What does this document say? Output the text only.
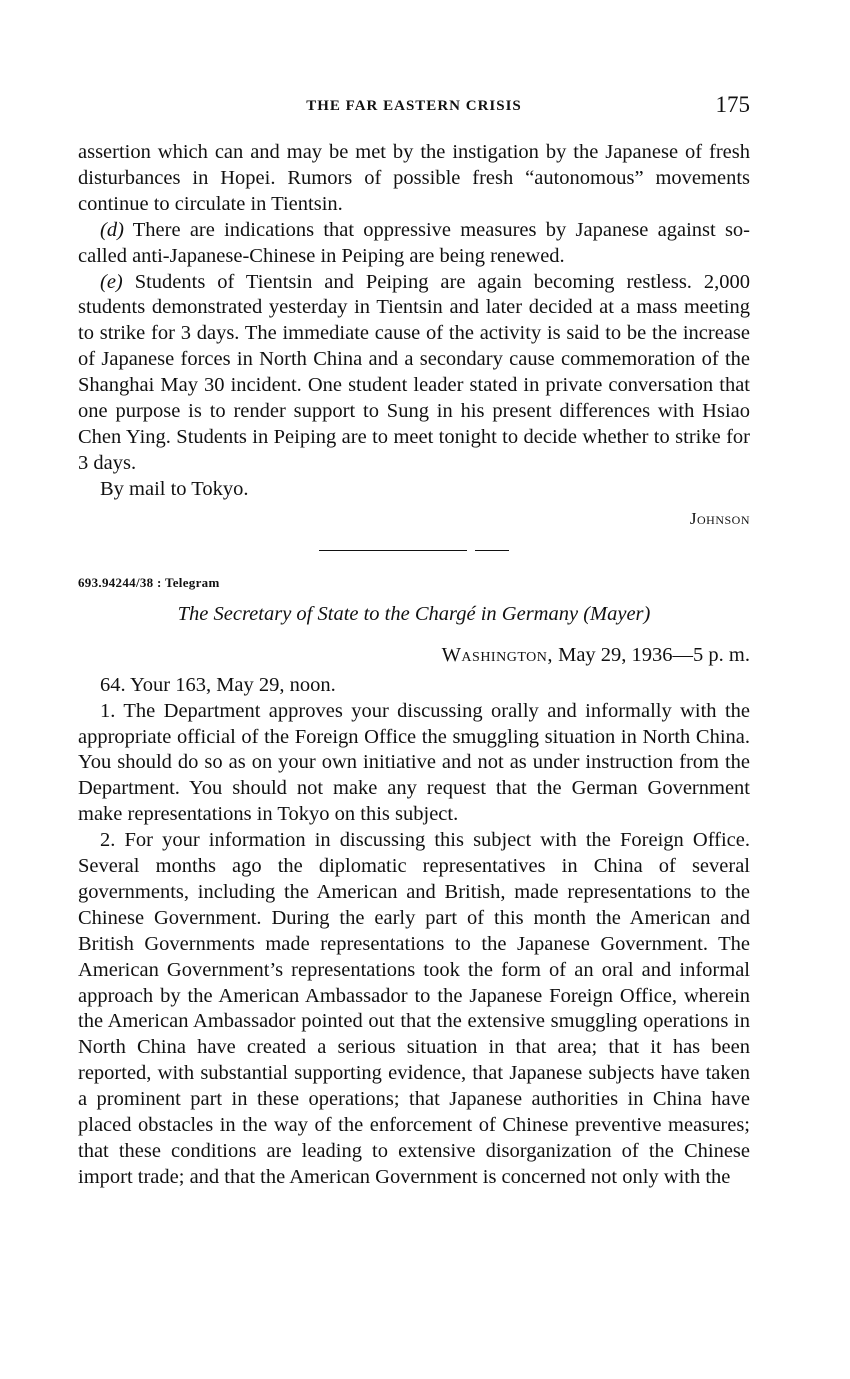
THE FAR EASTERN CRISIS	175

assertion which can and may be met by the instigation by the Japanese of fresh disturbances in Hopei. Rumors of possible fresh “autonomous” movements continue to circulate in Tientsin.

(d) There are indications that oppressive measures by Japanese against so-called anti-Japanese-Chinese in Peiping are being renewed.

(e) Students of Tientsin and Peiping are again becoming restless. 2,000 students demonstrated yesterday in Tientsin and later decided at a mass meeting to strike for 3 days. The immediate cause of the activity is said to be the increase of Japanese forces in North China and a secondary cause commemoration of the Shanghai May 30 incident. One student leader stated in private conversation that one purpose is to render support to Sung in his present differences with Hsiao Chen Ying. Students in Peiping are to meet tonight to decide whether to strike for 3 days.

By mail to Tokyo.

Johnson
693.94244/38 : Telegram
The Secretary of State to the Chargé in Germany (Mayer)
Washington, May 29, 1936—5 p. m.

64. Your 163, May 29, noon.

1. The Department approves your discussing orally and informally with the appropriate official of the Foreign Office the smuggling situation in North China. You should do so as on your own initiative and not as under instruction from the Department. You should not make any request that the German Government make representations in Tokyo on this subject.

2. For your information in discussing this subject with the Foreign Office. Several months ago the diplomatic representatives in China of several governments, including the American and British, made representations to the Chinese Government. During the early part of this month the American and British Governments made representations to the Japanese Government. The American Government’s representations took the form of an oral and informal approach by the American Ambassador to the Japanese Foreign Office, wherein the American Ambassador pointed out that the extensive smuggling operations in North China have created a serious situation in that area; that it has been reported, with substantial supporting evidence, that Japanese subjects have taken a prominent part in these operations; that Japanese authorities in China have placed obstacles in the way of the enforcement of Chinese preventive measures; that these conditions are leading to extensive disorganization of the Chinese import trade; and that the American Government is concerned not only with the
